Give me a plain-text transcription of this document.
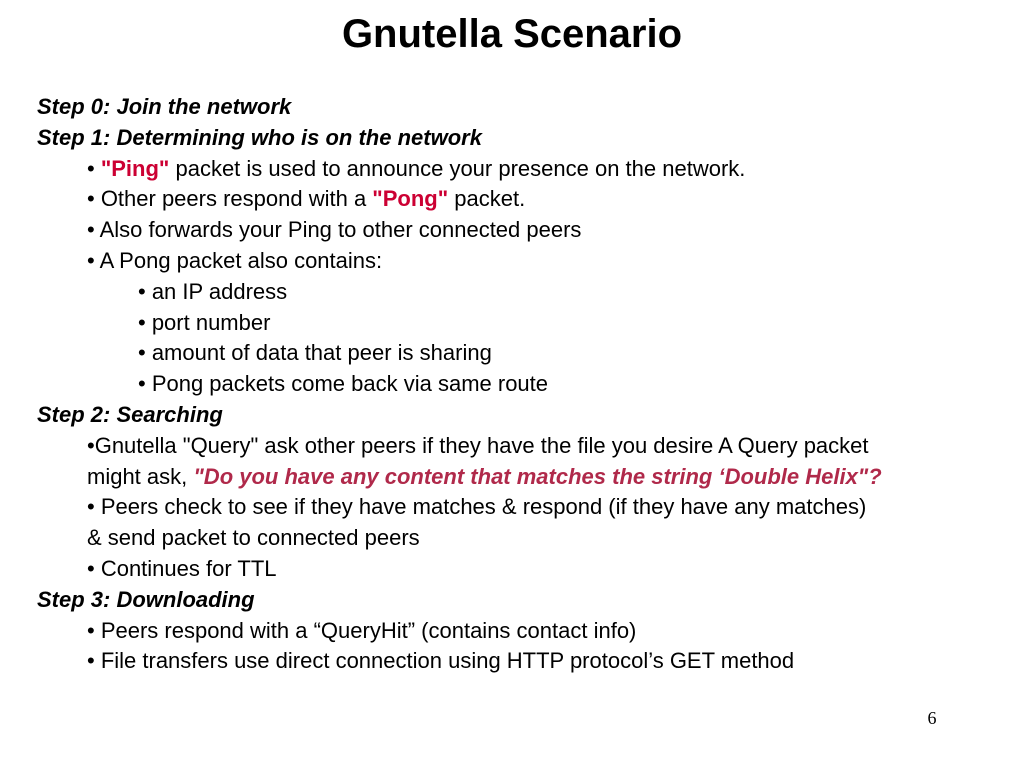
Gnutella Scenario
Step 0: Join the network
Step 1: Determining who is on the network
• "Ping" packet is used to announce your presence on the network.
• Other peers respond with a "Pong" packet.
• Also forwards your Ping to other connected peers
• A Pong packet also contains:
• an IP address
• port number
• amount of data that peer is sharing
• Pong packets come back via same route
Step 2: Searching
•Gnutella "Query" ask other peers if they have the file you desire A Query packet
might ask, "Do you have any content that matches the string ‘Double Helix"?
• Peers check to see if they have matches & respond (if they have any matches)
& send packet to connected peers
• Continues for TTL
Step 3: Downloading
• Peers respond with a “QueryHit” (contains contact info)
• File transfers use direct connection using HTTP protocol’s GET method
6
